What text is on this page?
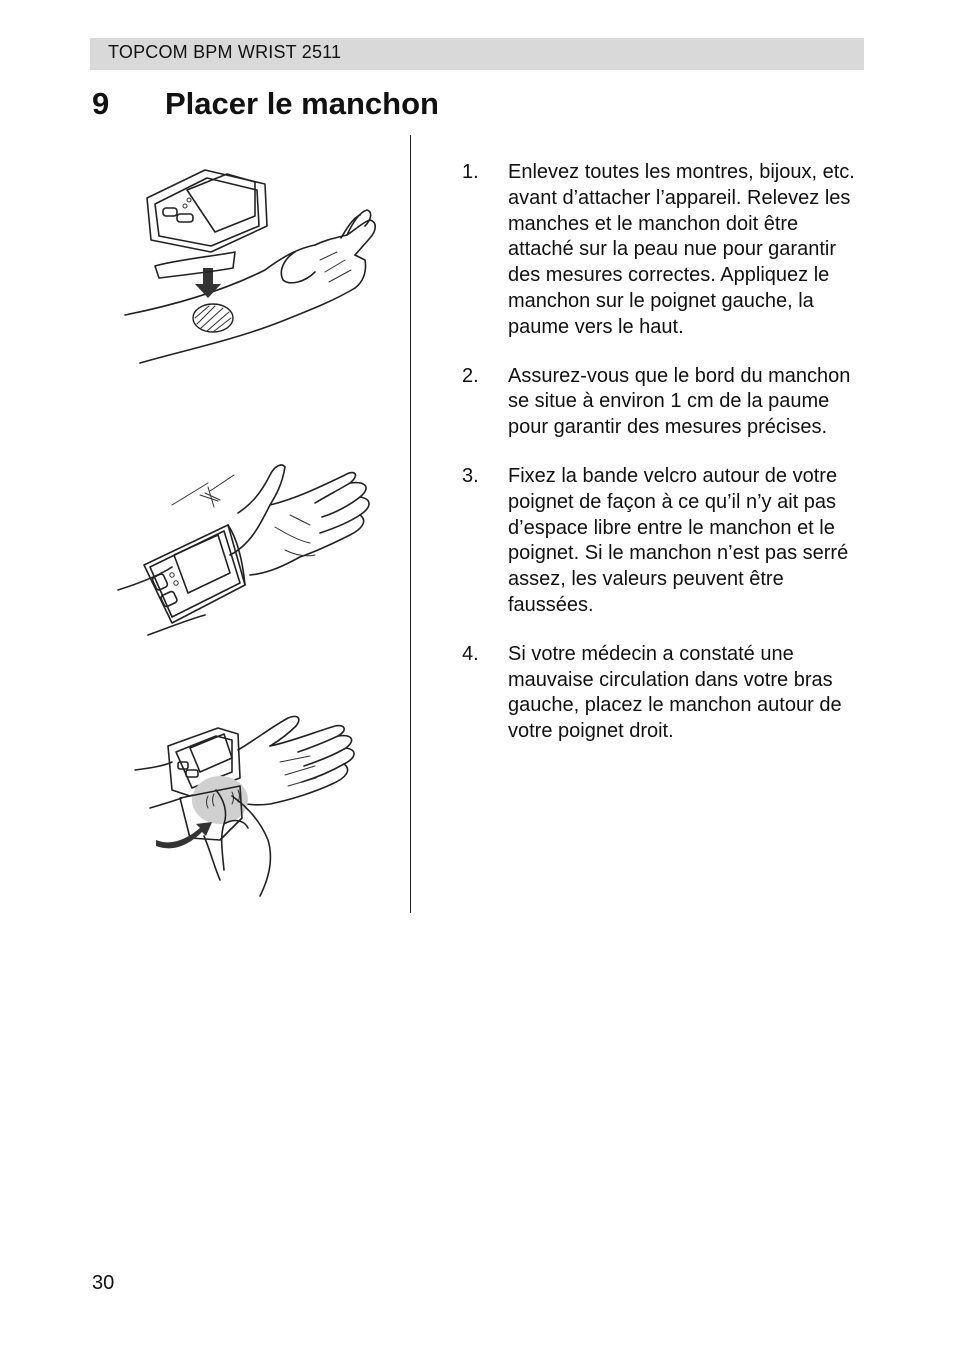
TOPCOM BPM WRIST 2511
9 Placer le manchon
1. Enlevez toutes les montres, bijoux, etc. avant d’attacher l’appareil. Relevez les manches et le manchon doit être attaché sur la peau nue pour garantir des mesures correctes. Appliquez le manchon sur le poignet gauche, la paume vers le haut.
2. Assurez-vous que le bord du manchon se situe à environ 1 cm de la paume pour garantir des mesures précises.
3. Fixez la bande velcro autour de votre poignet de façon à ce qu’il n’y ait pas d’espace libre entre le manchon et le poignet. Si le manchon n’est pas serré assez, les valeurs peuvent être faussées.
4. Si votre médecin a constaté une mauvaise circulation dans votre bras gauche, placez le manchon autour de votre poignet droit.
30
